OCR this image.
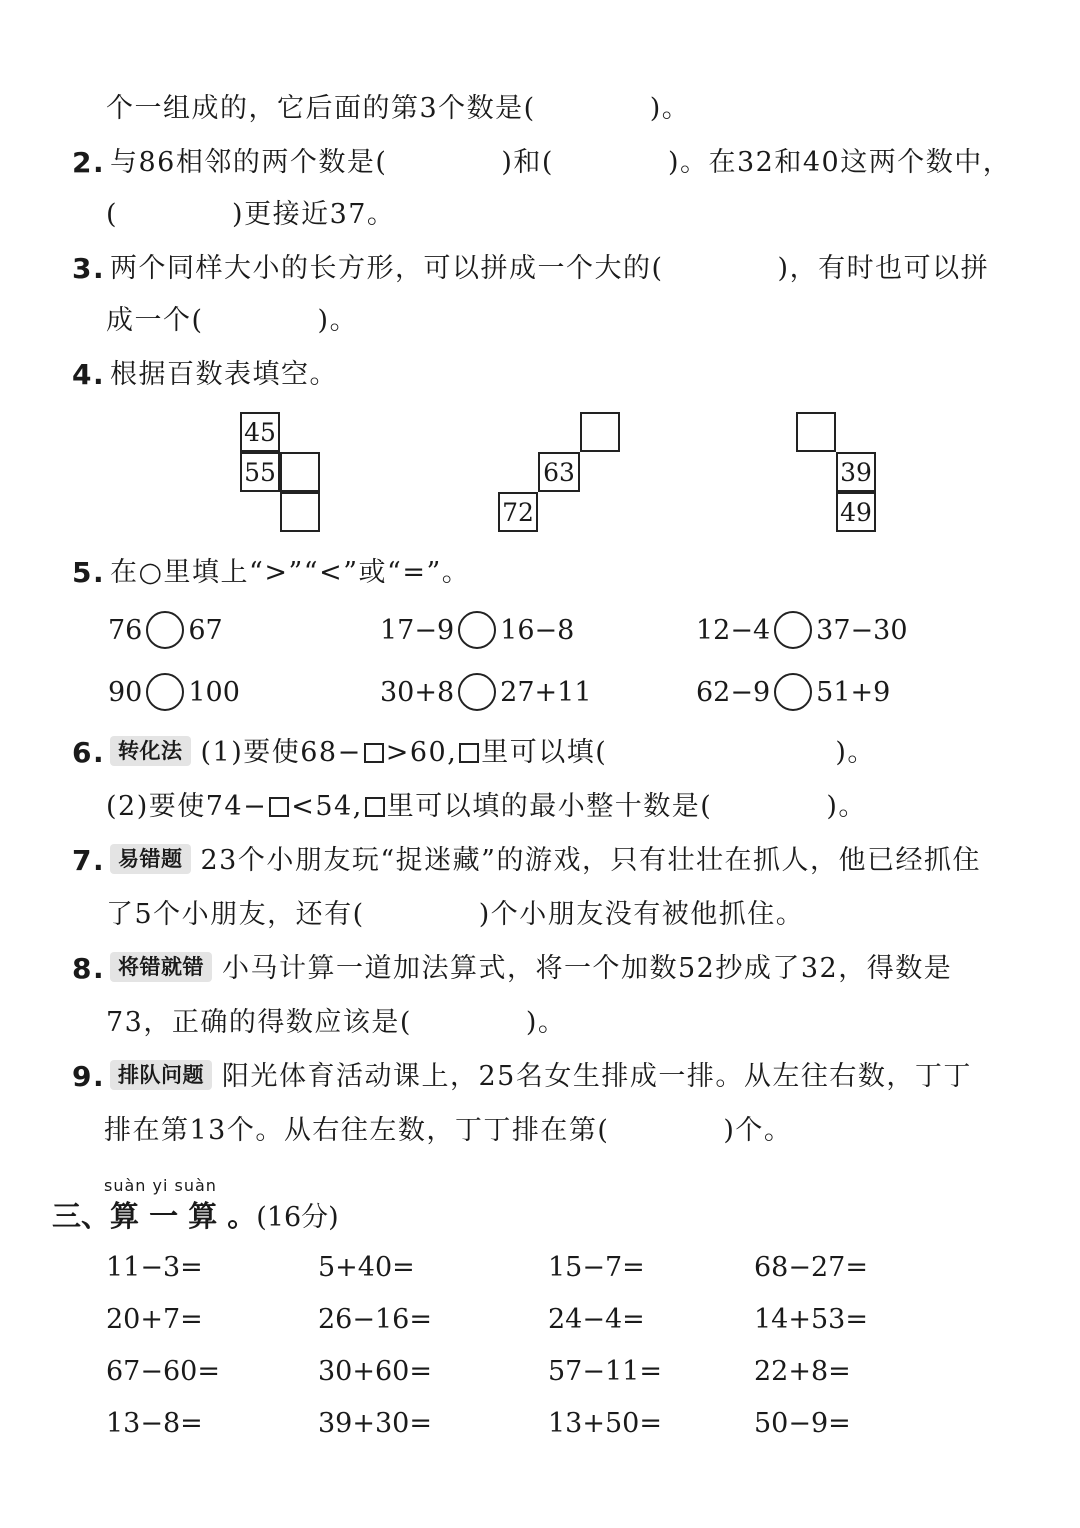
个一组成的，它后面的第3个数是(　　　　)。
2. 与86相邻的两个数是(　　　　)和(　　　　)。在32和40这两个数中，
(　　　　)更接近37。
3. 两个同样大小的长方形，可以拼成一个大的(　　　　)，有时也可以拼
成一个(　　　　)。
4. 根据百数表填空。
45
55	63
72
39
49
5. 在○里填上“>”“<”或“=”。
76 67	17−9 16−8	12−4 37−30
90 100	30+8 27+11	62−9 51+9
6. 转化法 (1)要使68− >60, 里可以填(　　　　　　　　)。
(2)要使74− <54, 里可以填的最小整十数是(　　　　)。
7. 易错题 23个小朋友玩“捉迷藏”的游戏，只有壮壮在抓人，他已经抓住
了5个小朋友，还有(　　　　)个小朋友没有被他抓住。
8. 将错就错 小马计算一道加法算式，将一个加数52抄成了32，得数是
73，正确的得数应该是(　　　　)。
9. 排队问题 阳光体育活动课上，25名女生排成一排。从左往右数，丁丁
排在第13个。从右往左数，丁丁排在第(　　　　)个。
suàn yi suàn
三、算 一 算 。(16分)
11−3=	5+40=	15−7=	68−27=
20+7=	26−16=	24−4=	14+53=
67−60=	30+60=	57−11=	22+8=
13−8=	39+30=	13+50=	50−9=
